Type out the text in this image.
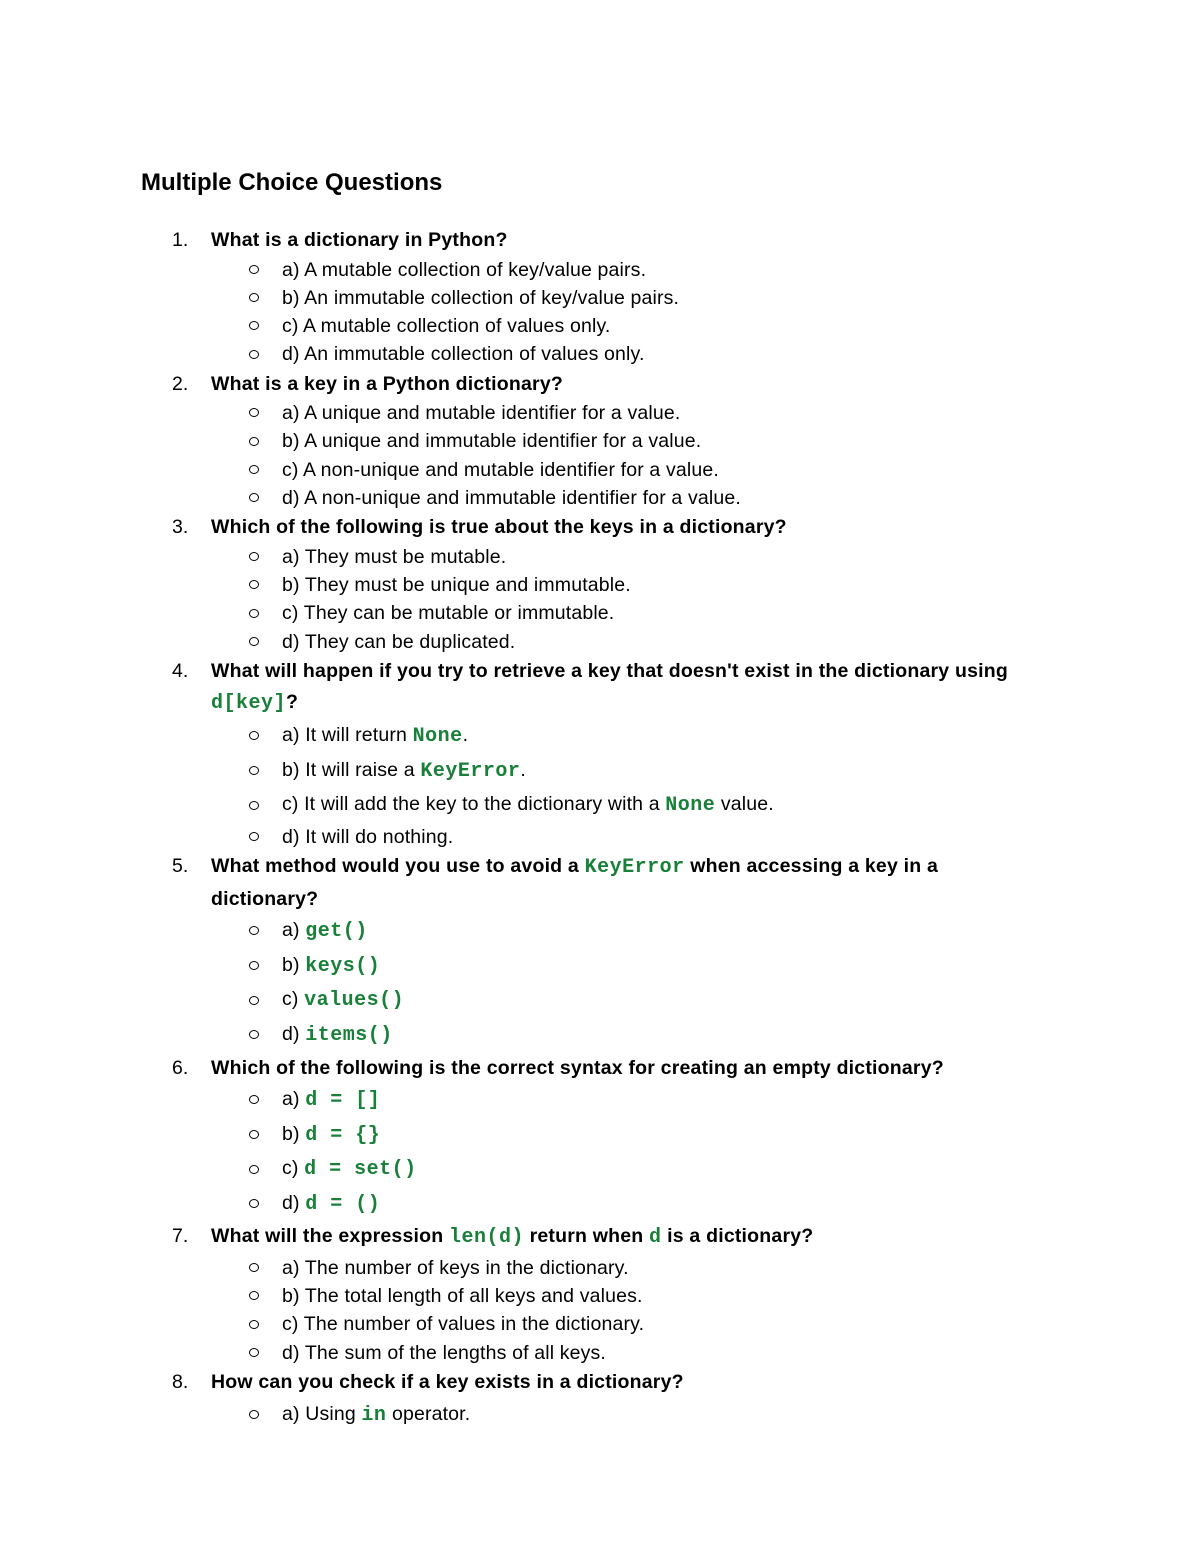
Multiple Choice Questions
1.	What is a dictionary in Python?
a) A mutable collection of key/value pairs.
b) An immutable collection of key/value pairs.
c) A mutable collection of values only.
d) An immutable collection of values only.
2.	What is a key in a Python dictionary?
a) A unique and mutable identifier for a value.
b) A unique and immutable identifier for a value.
c) A non-unique and mutable identifier for a value.
d) A non-unique and immutable identifier for a value.
3.	Which of the following is true about the keys in a dictionary?
a) They must be mutable.
b) They must be unique and immutable.
c) They can be mutable or immutable.
d) They can be duplicated.
4.	What will happen if you try to retrieve a key that doesn't exist in the dictionary using d[key]?
a) It will return None.
b) It will raise a KeyError.
c) It will add the key to the dictionary with a None value.
d) It will do nothing.
5.	What method would you use to avoid a KeyError when accessing a key in a dictionary?
a) get()
b) keys()
c) values()
d) items()
6.	Which of the following is the correct syntax for creating an empty dictionary?
a) d = []
b) d = {}
c) d = set()
d) d = ()
7.	What will the expression len(d) return when d is a dictionary?
a) The number of keys in the dictionary.
b) The total length of all keys and values.
c) The number of values in the dictionary.
d) The sum of the lengths of all keys.
8.	How can you check if a key exists in a dictionary?
a) Using in operator.
